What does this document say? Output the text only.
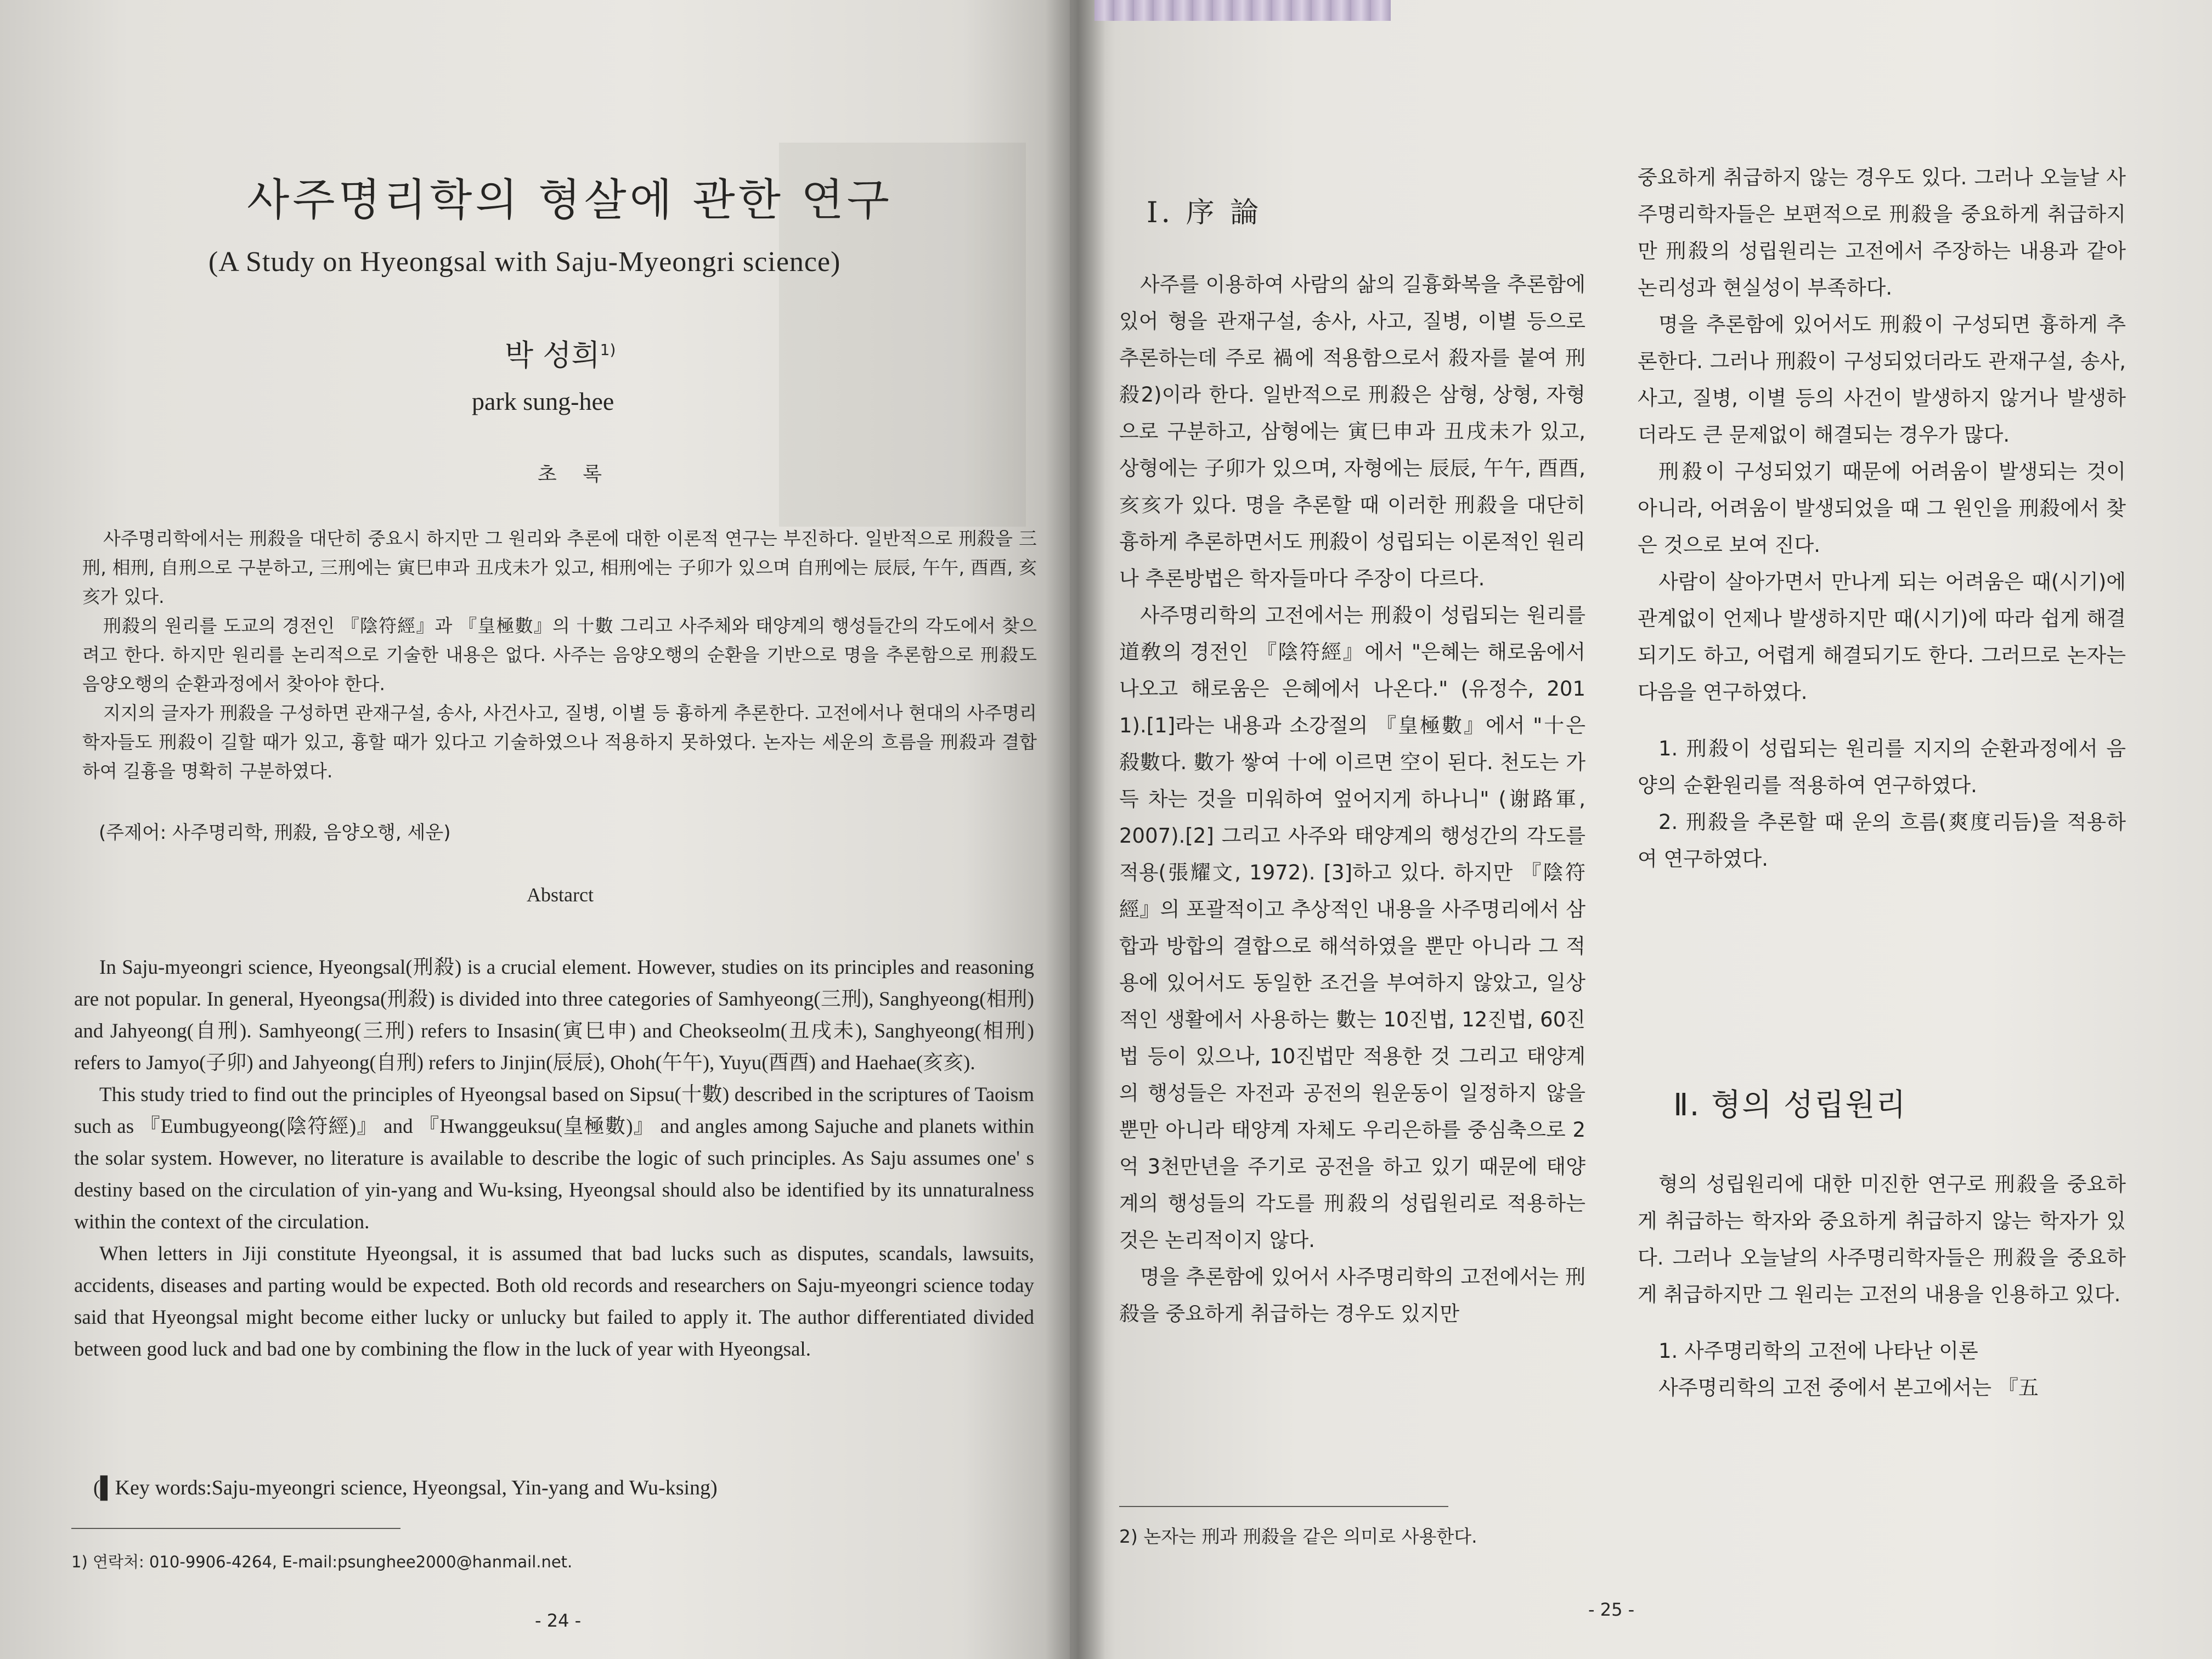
사주명리학의 형살에 관한 연구
(A Study on Hyeongsal with Saju-Myeongri science)
박 성희$^{1)}$
park sung-hee
초 록

사주명리학에서는 刑殺을 대단히 중요시 하지만 그 원리와 추론에 대한 이론적 연구는 부진하다. 일반적으로 刑殺을 三刑, 相刑, 自刑으로 구분하고, 三刑에는 寅巳申과 丑戌未가 있고, 相刑에는 子卯가 있으며 自刑에는 辰辰, 午午, 酉酉, 亥亥가 있다.

刑殺의 원리를 도교의 경전인 『陰符經』과 『皇極數』의 十數 그리고 사주체와 태양계의 행성들간의 각도에서 찾으려고 한다. 하지만 원리를 논리적으로 기술한 내용은 없다. 사주는 음양오행의 순환을 기반으로 명을 추론함으로 刑殺도 음양오행의 순환과정에서 찾아야 한다.

지지의 글자가 刑殺을 구성하면 관재구설, 송사, 사건사고, 질병, 이별 등 흉하게 추론한다. 고전에서나 현대의 사주명리학자들도 刑殺이 길할 때가 있고, 흉할 때가 있다고 기술하였으나 적용하지 못하였다. 논자는 세운의 흐름을 刑殺과 결합하여 길흉을 명확히 구분하였다.

(주제어: 사주명리학, 刑殺, 음양오행, 세운)
Abstarct

In Saju-myeongri science, Hyeongsal(刑殺) is a crucial element. However, studies on its principles and reasoning are not popular. In general, Hyeongsa(刑殺) is divided into three categories of Samhyeong(三刑), Sanghyeong(相刑) and Jahyeong(自刑). Samhyeong(三刑) refers to Insasin(寅巳申) and Cheokseolm(丑戌未), Sanghyeong(相刑) refers to Jamyo(子卯) and Jahyeong(自刑) refers to Jinjin(辰辰), Ohoh(午午), Yuyu(酉酉) and Haehae(亥亥).

This study tried to find out the principles of Hyeongsal based on Sipsu(十數) described in the scriptures of Taoism such as 『Eumbugyeong(陰符經)』 and 『Hwanggeuksu(皇極數)』 and angles among Sajuche and planets within the solar system. However, no literature is available to describe the logic of such principles. As Saju assumes one' s destiny based on the circulation of yin-yang and Wu-ksing, Hyeongsal should also be identified by its unnaturalness within the context of the circulation.

When letters in Jiji constitute Hyeongsal, it is assumed that bad lucks such as disputes, scandals, lawsuits, accidents, diseases and parting would be expected. Both old records and researchers on Saju-myeongri science today said that Hyeongsal might become either lucky or unlucky but failed to apply it. The author differentiated divided between good luck and bad one by combining the flow in the luck of year with Hyeongsal.

(▌Key words:Saju-myeongri science, Hyeongsal, Yin-yang and Wu-ksing)
1) 연락처: 010-9906-4264, E-mail:psunghee2000@hanmail.net.
- 24 -
Ⅰ. 序 論

사주를 이용하여 사람의 삶의 길흉화복을 추론함에 있어 형을 관재구설, 송사, 사고, 질병, 이별 등으로 추론하는데 주로 禍에 적용함으로서 殺자를 붙여 刑殺2)이라 한다. 일반적으로 刑殺은 삼형, 상형, 자형으로 구분하고, 삼형에는 寅巳申과 丑戌未가 있고, 상형에는 子卯가 있으며, 자형에는 辰辰, 午午, 酉酉, 亥亥가 있다. 명을 추론할 때 이러한 刑殺을 대단히 흉하게 추론하면서도 刑殺이 성립되는 이론적인 원리나 추론방법은 학자들마다 주장이 다르다.

사주명리학의 고전에서는 刑殺이 성립되는 원리를 道敎의 경전인 『陰符經』에서 "은혜는 해로움에서 나오고 해로움은 은혜에서 나온다." (유정수, 201 1).[1]라는 내용과 소강절의 『皇極數』에서 "十은 殺數다. 數가 쌓여 十에 이르면 空이 된다. 천도는 가득 차는 것을 미워하여 엎어지게 하나니" (谢路軍, 2007).[2] 그리고 사주와 태양계의 행성간의 각도를 적용(張耀文, 1972). [3]하고 있다. 하지만 『陰符經』의 포괄적이고 추상적인 내용을 사주명리에서 삼합과 방합의 결합으로 해석하였을 뿐만 아니라 그 적용에 있어서도 동일한 조건을 부여하지 않았고, 일상적인 생활에서 사용하는 數는 10진법, 12진법, 60진법 등이 있으나, 10진법만 적용한 것 그리고 태양계의 행성들은 자전과 공전의 원운동이 일정하지 않을 뿐만 아니라 태양계 자체도 우리은하를 중심축으로 2억 3천만년을 주기로 공전을 하고 있기 때문에 태양계의 행성들의 각도를 刑殺의 성립원리로 적용하는 것은 논리적이지 않다.

명을 추론함에 있어서 사주명리학의 고전에서는 刑殺을 중요하게 취급하는 경우도 있지만

중요하게 취급하지 않는 경우도 있다. 그러나 오늘날 사주명리학자들은 보편적으로 刑殺을 중요하게 취급하지만 刑殺의 성립원리는 고전에서 주장하는 내용과 같아 논리성과 현실성이 부족하다.

명을 추론함에 있어서도 刑殺이 구성되면 흉하게 추론한다. 그러나 刑殺이 구성되었더라도 관재구설, 송사, 사고, 질병, 이별 등의 사건이 발생하지 않거나 발생하더라도 큰 문제없이 해결되는 경우가 많다.

刑殺이 구성되었기 때문에 어려움이 발생되는 것이 아니라, 어려움이 발생되었을 때 그 원인을 刑殺에서 찾은 것으로 보여 진다.

사람이 살아가면서 만나게 되는 어려움은 때(시기)에 관계없이 언제나 발생하지만 때(시기)에 따라 쉽게 해결되기도 하고, 어렵게 해결되기도 한다. 그러므로 논자는 다음을 연구하였다.

1. 刑殺이 성립되는 원리를 지지의 순환과정에서 음양의 순환원리를 적용하여 연구하였다.

2. 刑殺을 추론할 때 운의 흐름(爽度리듬)을 적용하여 연구하였다.

Ⅱ. 형의 성립원리

형의 성립원리에 대한 미진한 연구로 刑殺을 중요하게 취급하는 학자와 중요하게 취급하지 않는 학자가 있다. 그러나 오늘날의 사주명리학자들은 刑殺을 중요하게 취급하지만 그 원리는 고전의 내용을 인용하고 있다.

1. 사주명리학의 고전에 나타난 이론

사주명리학의 고전 중에서 본고에서는 『五

2) 논자는 刑과 刑殺을 같은 의미로 사용한다.
- 25 -
